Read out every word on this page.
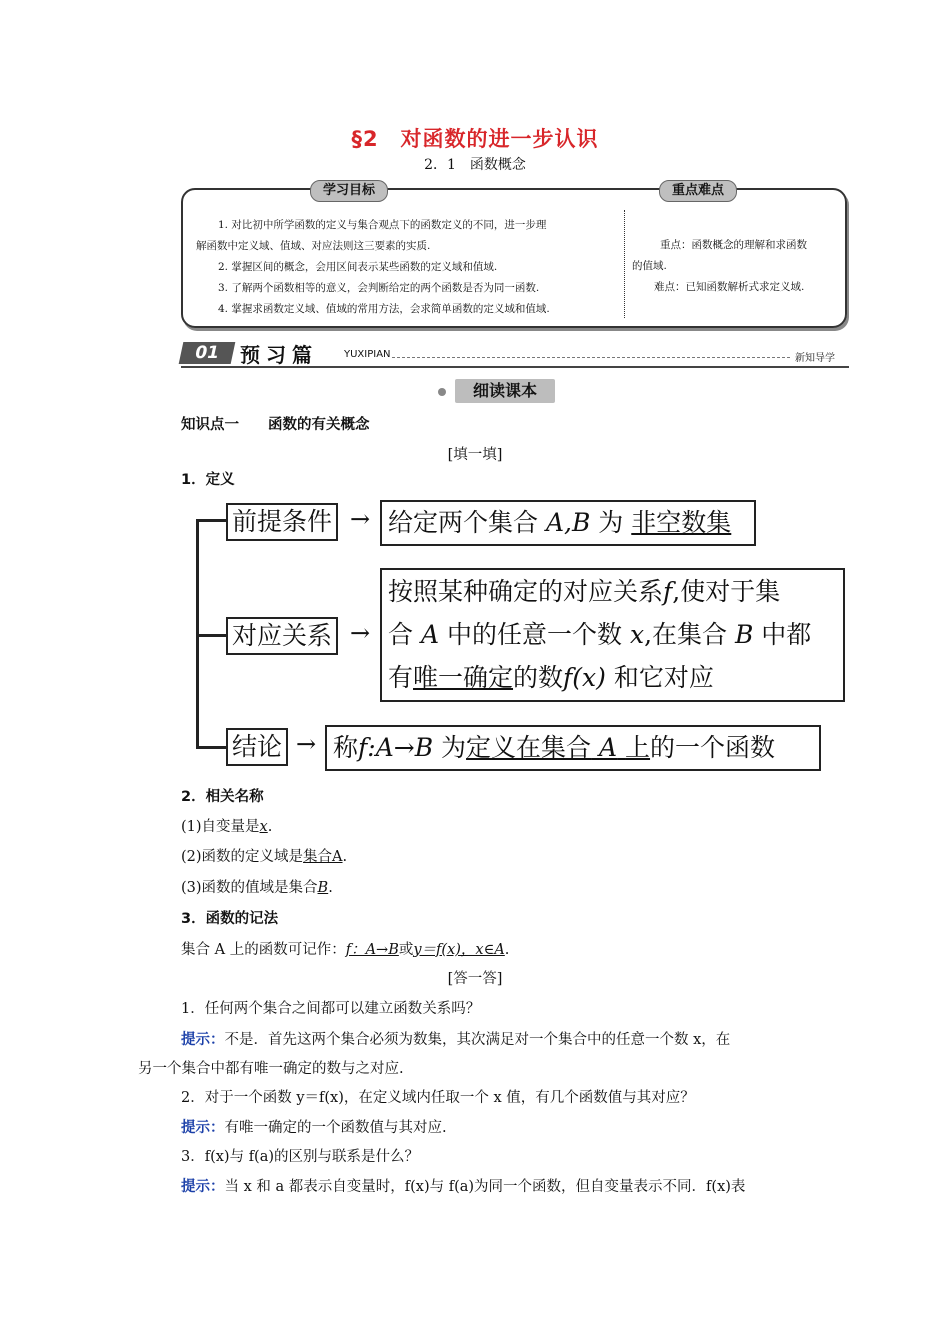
§2　对函数的进一步认识
2．1　函数概念
学习目标	重点难点

1. 对比初中所学函数的定义与集合观点下的函数定义的不同，进一步理

解函数中定义域、值域、对应法则这三要素的实质.

2. 掌握区间的概念，会用区间表示某些函数的定义域和值域.

3. 了解两个函数相等的意义，会判断给定的两个函数是否为同一函数.

4. 掌握求函数定义域、值域的常用方法，会求简单函数的定义域和值域.

重点：函数概念的理解和求函数

的值域.

难点：已知函数解析式求定义域.

01 预习篇	YUXIPIAN	新知导学
细读课本
知识点一　　函数的有关概念
[填一填]
1．定义
前提条件 → 给定两个集合 A,B 为 非空数集
对应关系 →
按照某种确定的对应关系f,使对于集
合 A 中的任意一个数 x,在集合 B 中都
有唯一确定的数f(x) 和它对应
结论 → 称f:A→B 为定义在集合 A 上的一个函数
2．相关名称
(1)自变量是x.
(2)函数的定义域是集合A.
(3)函数的值域是集合B.
3．函数的记法
集合 A 上的函数可记作：f：A→B或y＝f(x)，x∈A.
[答一答]
1．任何两个集合之间都可以建立函数关系吗？
提示：不是．首先这两个集合必须为数集，其次满足对一个集合中的任意一个数 x，在
另一个集合中都有唯一确定的数与之对应.
2．对于一个函数 y＝f(x)，在定义域内任取一个 x 值，有几个函数值与其对应？
提示：有唯一确定的一个函数值与其对应.
3．f(x)与 f(a)的区别与联系是什么？
提示：当 x 和 a 都表示自变量时，f(x)与 f(a)为同一个函数，但自变量表示不同．f(x)表
